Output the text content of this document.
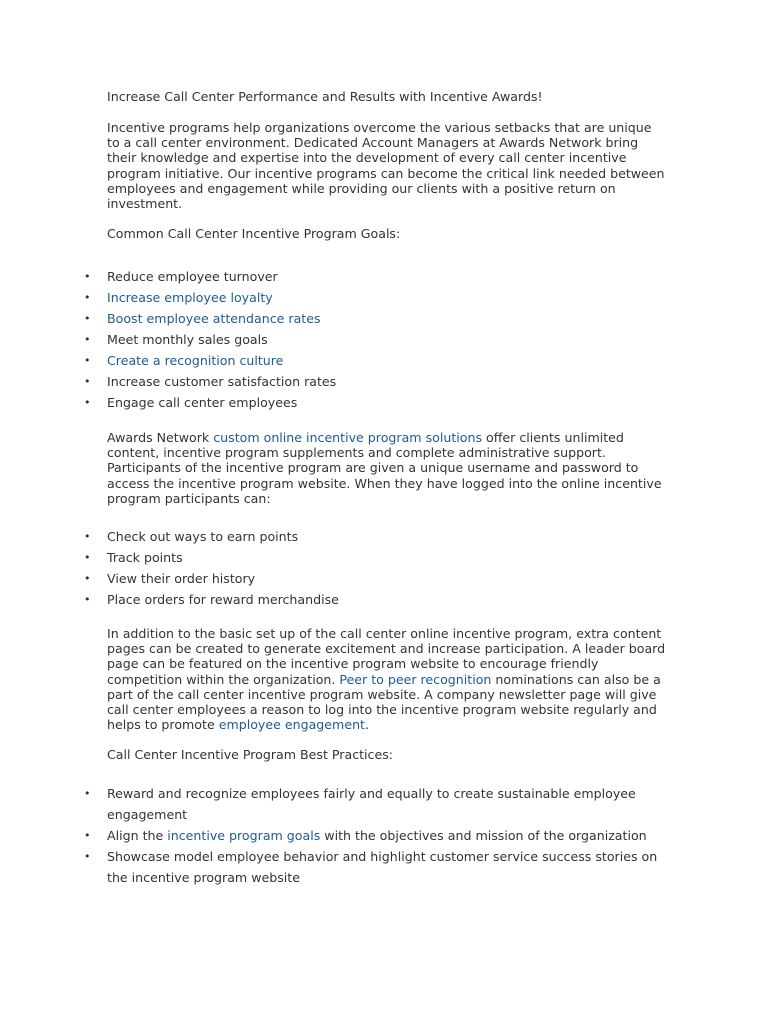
Increase Call Center Performance and Results with Incentive Awards!

Incentive programs help organizations overcome the various setbacks that are unique to a call center environment. Dedicated Account Managers at Awards Network bring their knowledge and expertise into the development of every call center incentive program initiative. Our incentive programs can become the critical link needed between employees and engagement while providing our clients with a positive return on investment.

Common Call Center Incentive Program Goals:

• Reduce employee turnover
• Increase employee loyalty
• Boost employee attendance rates
• Meet monthly sales goals
• Create a recognition culture
• Increase customer satisfaction rates
• Engage call center employees

Awards Network custom online incentive program solutions offer clients unlimited content, incentive program supplements and complete administrative support. Participants of the incentive program are given a unique username and password to access the incentive program website. When they have logged into the online incentive program participants can:

• Check out ways to earn points
• Track points
• View their order history
• Place orders for reward merchandise

In addition to the basic set up of the call center online incentive program, extra content pages can be created to generate excitement and increase participation. A leader board page can be featured on the incentive program website to encourage friendly competition within the organization. Peer to peer recognition nominations can also be a part of the call center incentive program website. A company newsletter page will give call center employees a reason to log into the incentive program website regularly and helps to promote employee engagement.

Call Center Incentive Program Best Practices:

• Reward and recognize employees fairly and equally to create sustainable employee engagement
• Align the incentive program goals with the objectives and mission of the organization
• Showcase model employee behavior and highlight customer service success stories on the incentive program website
